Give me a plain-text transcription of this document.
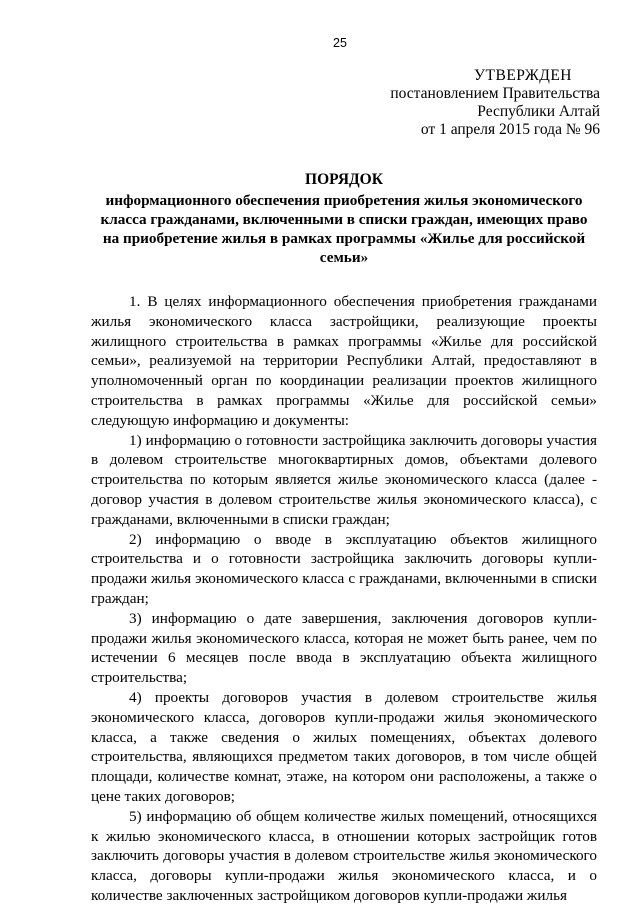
25
УТВЕРЖДЕН
постановлением Правительства
Республики Алтай
от 1 апреля 2015 года № 96
ПОРЯДОК
информационного обеспечения приобретения жилья экономического
класса гражданами, включенными в списки граждан, имеющих право
на приобретение жилья в рамках программы «Жилье для российской
семьи»

1. В целях информационного обеспечения приобретения гражданами жилья экономического класса застройщики, реализующие проекты жилищного строительства в рамках программы «Жилье для российской семьи», реализуемой на территории Республики Алтай, предоставляют в уполномоченный орган по координации реализации проектов жилищного строительства в рамках программы «Жилье для российской семьи» следующую информацию и документы:

1) информацию о готовности застройщика заключить договоры участия в долевом строительстве многоквартирных домов, объектами долевого строительства по которым является жилье экономического класса (далее - договор участия в долевом строительстве жилья экономического класса), с гражданами, включенными в списки граждан;

2) информацию о вводе в эксплуатацию объектов жилищного строительства и о готовности застройщика заключить договоры купли-продажи жилья экономического класса с гражданами, включенными в списки граждан;

3) информацию о дате завершения, заключения договоров купли-продажи жилья экономического класса, которая не может быть ранее, чем по истечении 6 месяцев после ввода в эксплуатацию объекта жилищного строительства;

4) проекты договоров участия в долевом строительстве жилья экономического класса, договоров купли-продажи жилья экономического класса, а также сведения о жилых помещениях, объектах долевого строительства, являющихся предметом таких договоров, в том числе общей площади, количестве комнат, этаже, на котором они расположены, а также о цене таких договоров;

5) информацию об общем количестве жилых помещений, относящихся к жилью экономического класса, в отношении которых застройщик готов заключить договоры участия в долевом строительстве жилья экономического класса, договоры купли-продажи жилья экономического класса, и о количестве заключенных застройщиком договоров купли-продажи жилья
